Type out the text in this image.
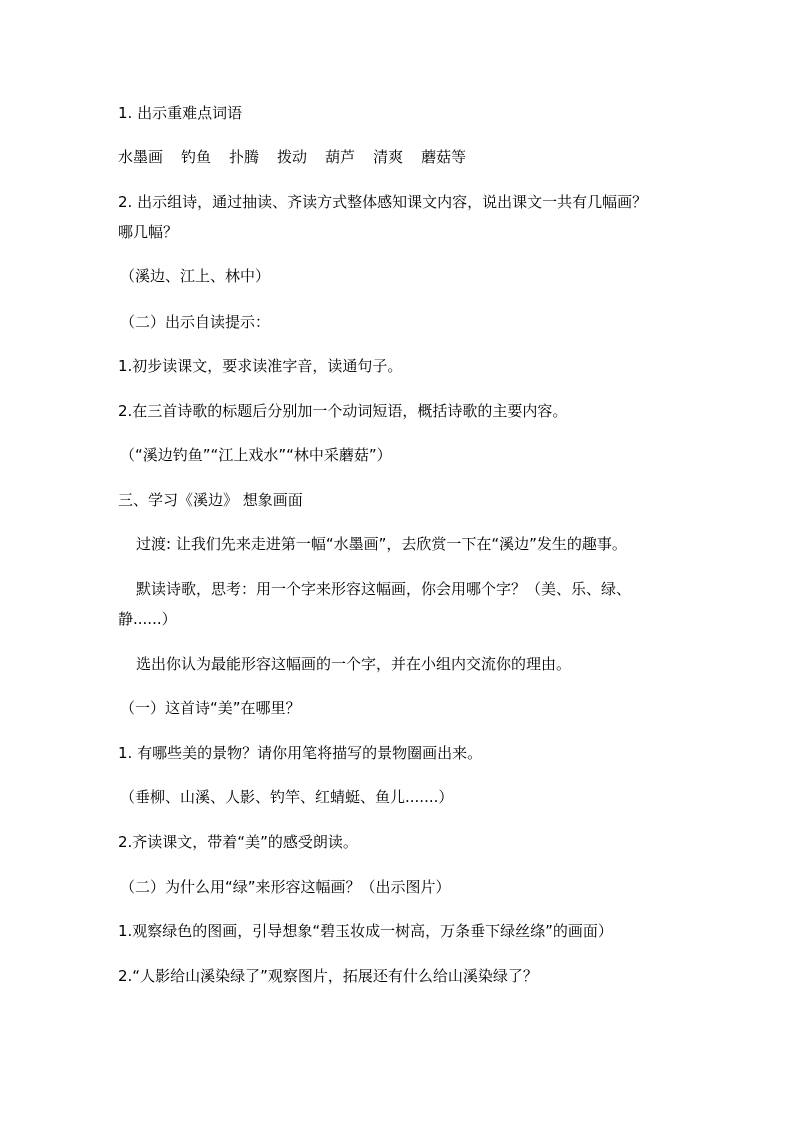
1. 出示重难点词语

水墨画 钓鱼 扑腾 拨动 葫芦 清爽 蘑菇等

2. 出示组诗，通过抽读、齐读方式整体感知课文内容，说出课文一共有几幅画？

哪几幅？

（溪边、江上、林中）

（二）出示自读提示：

1.初步读课文，要求读准字音，读通句子。

2.在三首诗歌的标题后分别加一个动词短语，概括诗歌的主要内容。

（“溪边钓鱼”“江上戏水”“林中采蘑菇”）

三、学习《溪边》 想象画面

过渡: 让我们先来走进第一幅“水墨画”，去欣赏一下在“溪边”发生的趣事。

默读诗歌，思考：用一个字来形容这幅画，你会用哪个字？（美、乐、绿、

静......）

选出你认为最能形容这幅画的一个字，并在小组内交流你的理由。

（一）这首诗“美”在哪里？

1. 有哪些美的景物？请你用笔将描写的景物圈画出来。

（垂柳、山溪、人影、钓竿、红蜻蜓、鱼儿.......）

2.齐读课文，带着“美”的感受朗读。

（二）为什么用“绿”来形容这幅画？（出示图片）

1.观察绿色的图画，引导想象“碧玉妆成一树高，万条垂下绿丝绦”的画面）

2.“人影给山溪染绿了”观察图片，拓展还有什么给山溪染绿了？
